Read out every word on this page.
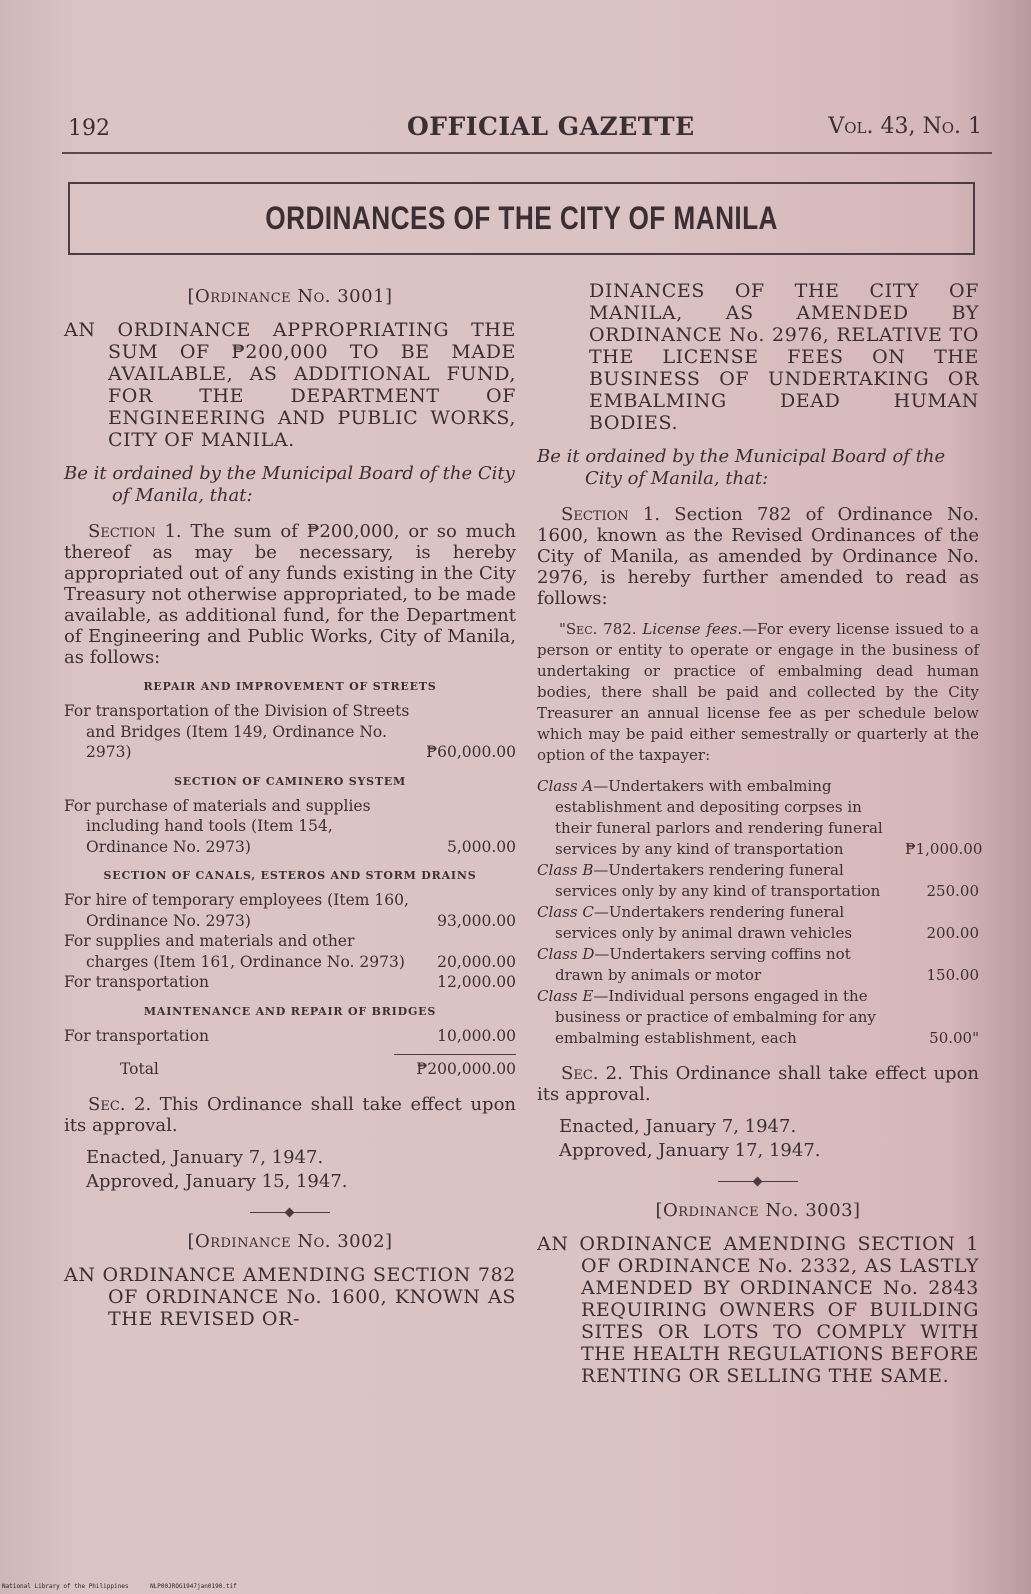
192	OFFICIAL GAZETTE	Vol. 43, No. 1
ORDINANCES OF THE CITY OF MANILA
[Ordinance No. 3001]

AN ORDINANCE APPROPRIATING THE SUM OF ₱200,000 TO BE MADE AVAILABLE, AS ADDITIONAL FUND, FOR THE DEPARTMENT OF ENGINEERING AND PUBLIC WORKS, CITY OF MANILA.

Be it ordained by the Municipal Board of the City of Manila, that:

Section 1. The sum of ₱200,000, or so much thereof as may be necessary, is hereby appropriated out of any funds existing in the City Treasury not otherwise appropriated, to be made available, as additional fund, for the Department of Engineering and Public Works, City of Manila, as follows:

REPAIR AND IMPROVEMENT OF STREETS
For transportation of the Division of Streets and Bridges (Item 149, Ordinance No. 2973)	₱60,000.00
SECTION OF CAMINERO SYSTEM
For purchase of materials and supplies including hand tools (Item 154, Ordinance No. 2973)	5,000.00
SECTION OF CANALS, ESTEROS AND STORM DRAINS
For hire of temporary employees (Item 160, Ordinance No. 2973)	93,000.00
For supplies and materials and other charges (Item 161, Ordinance No. 2973)	20,000.00
For transportation	12,000.00
MAINTENANCE AND REPAIR OF BRIDGES
For transportation	10,000.00
Total	₱200,000.00

Sec. 2. This Ordinance shall take effect upon its approval.

Enacted, January 7, 1947.
Approved, January 15, 1947.
[Ordinance No. 3002]

AN ORDINANCE AMENDING SECTION 782 OF ORDINANCE No. 1600, KNOWN AS THE REVISED OR-

DINANCES OF THE CITY OF MANILA, AS AMENDED BY ORDINANCE No. 2976, RELATIVE TO THE LICENSE FEES ON THE BUSINESS OF UNDERTAKING OR EMBALMING DEAD HUMAN BODIES.

Be it ordained by the Municipal Board of the City of Manila, that:

Section 1. Section 782 of Ordinance No. 1600, known as the Revised Ordinances of the City of Manila, as amended by Ordinance No. 2976, is hereby further amended to read as follows:

"Sec. 782. License fees.—For every license issued to a person or entity to operate or engage in the business of undertaking or practice of embalming dead human bodies, there shall be paid and collected by the City Treasurer an annual license fee as per schedule below which may be paid either semestrally or quarterly at the option of the taxpayer:

Class A—Undertakers with embalming establishment and depositing corpses in their funeral parlors and rendering funeral services by any kind of transportation	₱1,000.00
Class B—Undertakers rendering funeral services only by any kind of transportation	250.00
Class C—Undertakers rendering funeral services only by animal drawn vehicles	200.00
Class D—Undertakers serving coffins not drawn by animals or motor	150.00
Class E—Individual persons engaged in the business or practice of embalming for any embalming establishment, each	50.00"

Sec. 2. This Ordinance shall take effect upon its approval.

Enacted, January 7, 1947.
Approved, January 17, 1947.
[Ordinance No. 3003]

AN ORDINANCE AMENDING SECTION 1 OF ORDINANCE No. 2332, AS LASTLY AMENDED BY ORDINANCE No. 2843 REQUIRING OWNERS OF BUILDING SITES OR LOTS TO COMPLY WITH THE HEALTH REGULATIONS BEFORE RENTING OR SELLING THE SAME.

National Library of the Philippines	NLP00JROG1947jan0190.tif
